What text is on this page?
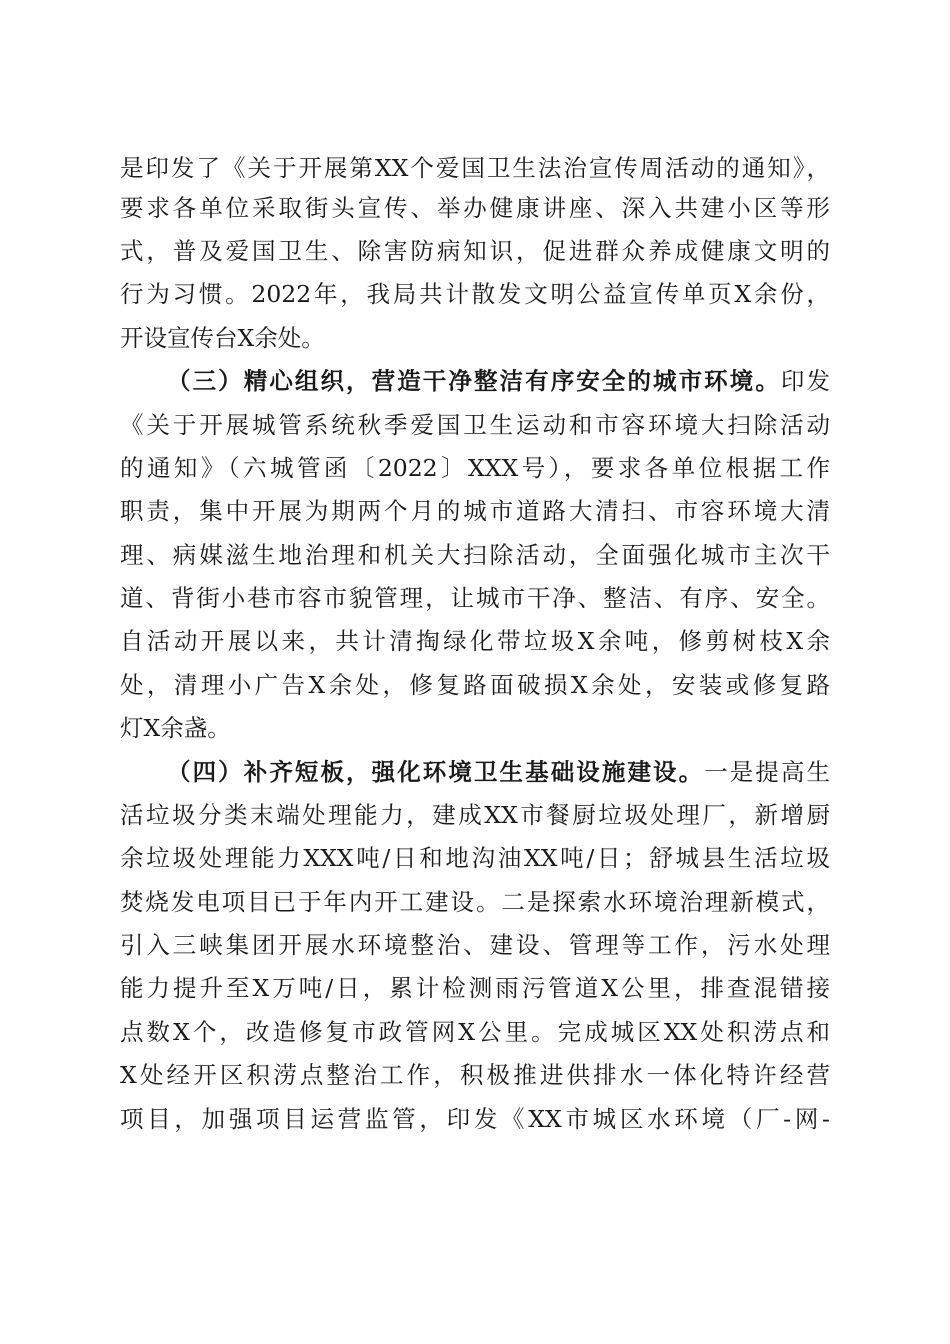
是印发了《关于开展第XX个爱国卫生法治宣传周活动的通知》，
要求各单位采取街头宣传、举办健康讲座、深入共建小区等形
式，普及爱国卫生、除害防病知识，促进群众养成健康文明的
行为习惯。2022年，我局共计散发文明公益宣传单页X余份，
开设宣传台X余处。
（三）精心组织，营造干净整洁有序安全的城市环境。印发
《关于开展城管系统秋季爱国卫生运动和市容环境大扫除活动
的通知》（六城管函〔2022〕XXX号），要求各单位根据工作
职责，集中开展为期两个月的城市道路大清扫、市容环境大清
理、病媒滋生地治理和机关大扫除活动，全面强化城市主次干
道、背街小巷市容市貌管理，让城市干净、整洁、有序、安全。
自活动开展以来，共计清掏绿化带垃圾X余吨，修剪树枝X余
处，清理小广告X余处，修复路面破损X余处，安装或修复路
灯X余盏。
（四）补齐短板，强化环境卫生基础设施建设。一是提高生
活垃圾分类末端处理能力，建成XX市餐厨垃圾处理厂，新增厨
余垃圾处理能力XXX吨/日和地沟油XX吨/日；舒城县生活垃圾
焚烧发电项目已于年内开工建设。二是探索水环境治理新模式，
引入三峡集团开展水环境整治、建设、管理等工作，污水处理
能力提升至X万吨/日，累计检测雨污管道X公里，排查混错接
点数X个，改造修复市政管网X公里。完成城区XX处积涝点和
X处经开区积涝点整治工作，积极推进供排水一体化特许经营
项目，加强项目运营监管，印发《XX市城区水环境（厂-网-
